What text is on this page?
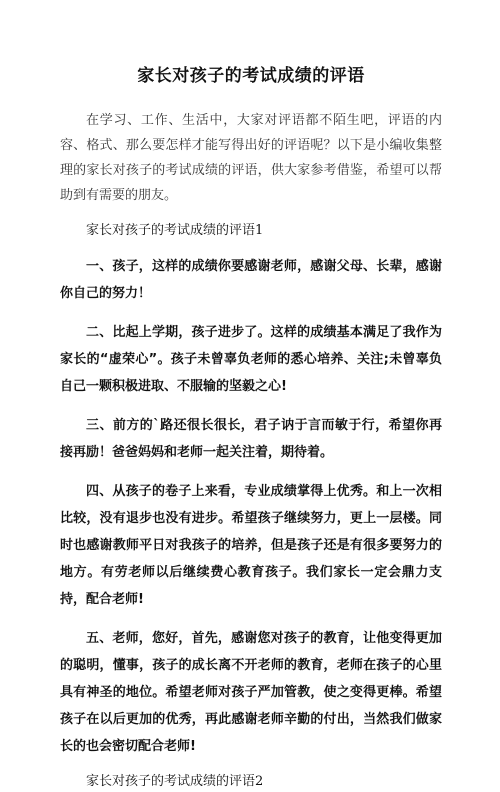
家长对孩子的考试成绩的评语

在学习、工作、生活中，大家对评语都不陌生吧，评语的内容、格式、那么要怎样才能写得出好的评语呢？以下是小编收集整理的家长对孩子的考试成绩的评语，供大家参考借鉴，希望可以帮助到有需要的朋友。

家长对孩子的考试成绩的评语1
一、孩子，这样的成绩你要感谢老师，感谢父母、长辈，感谢你自己的努力！
二、比起上学期，孩子进步了。这样的成绩基本满足了我作为家长的“虚荣心”。孩子未曾辜负老师的悉心培养、关注;未曾辜负自己一颗积极进取、不服输的坚毅之心!
三、前方的`路还很长很长，君子讷于言而敏于行，希望你再接再励！爸爸妈妈和老师一起关注着，期待着。
四、从孩子的卷子上来看，专业成绩掌得上优秀。和上一次相比较，没有退步也没有进步。希望孩子继续努力，更上一层楼。同时也感谢教师平日对我孩子的培养，但是孩子还是有很多要努力的地方。有劳老师以后继续费心教育孩子。我们家长一定会鼎力支持，配合老师!
五、老师，您好，首先，感谢您对孩子的教育，让他变得更加的聪明，懂事，孩子的成长离不开老师的教育，老师在孩子的心里具有神圣的地位。希望老师对孩子严加管教，使之变得更棒。希望孩子在以后更加的优秀，再此感谢老师辛勤的付出，当然我们做家长的也会密切配合老师!
家长对孩子的考试成绩的评语2
